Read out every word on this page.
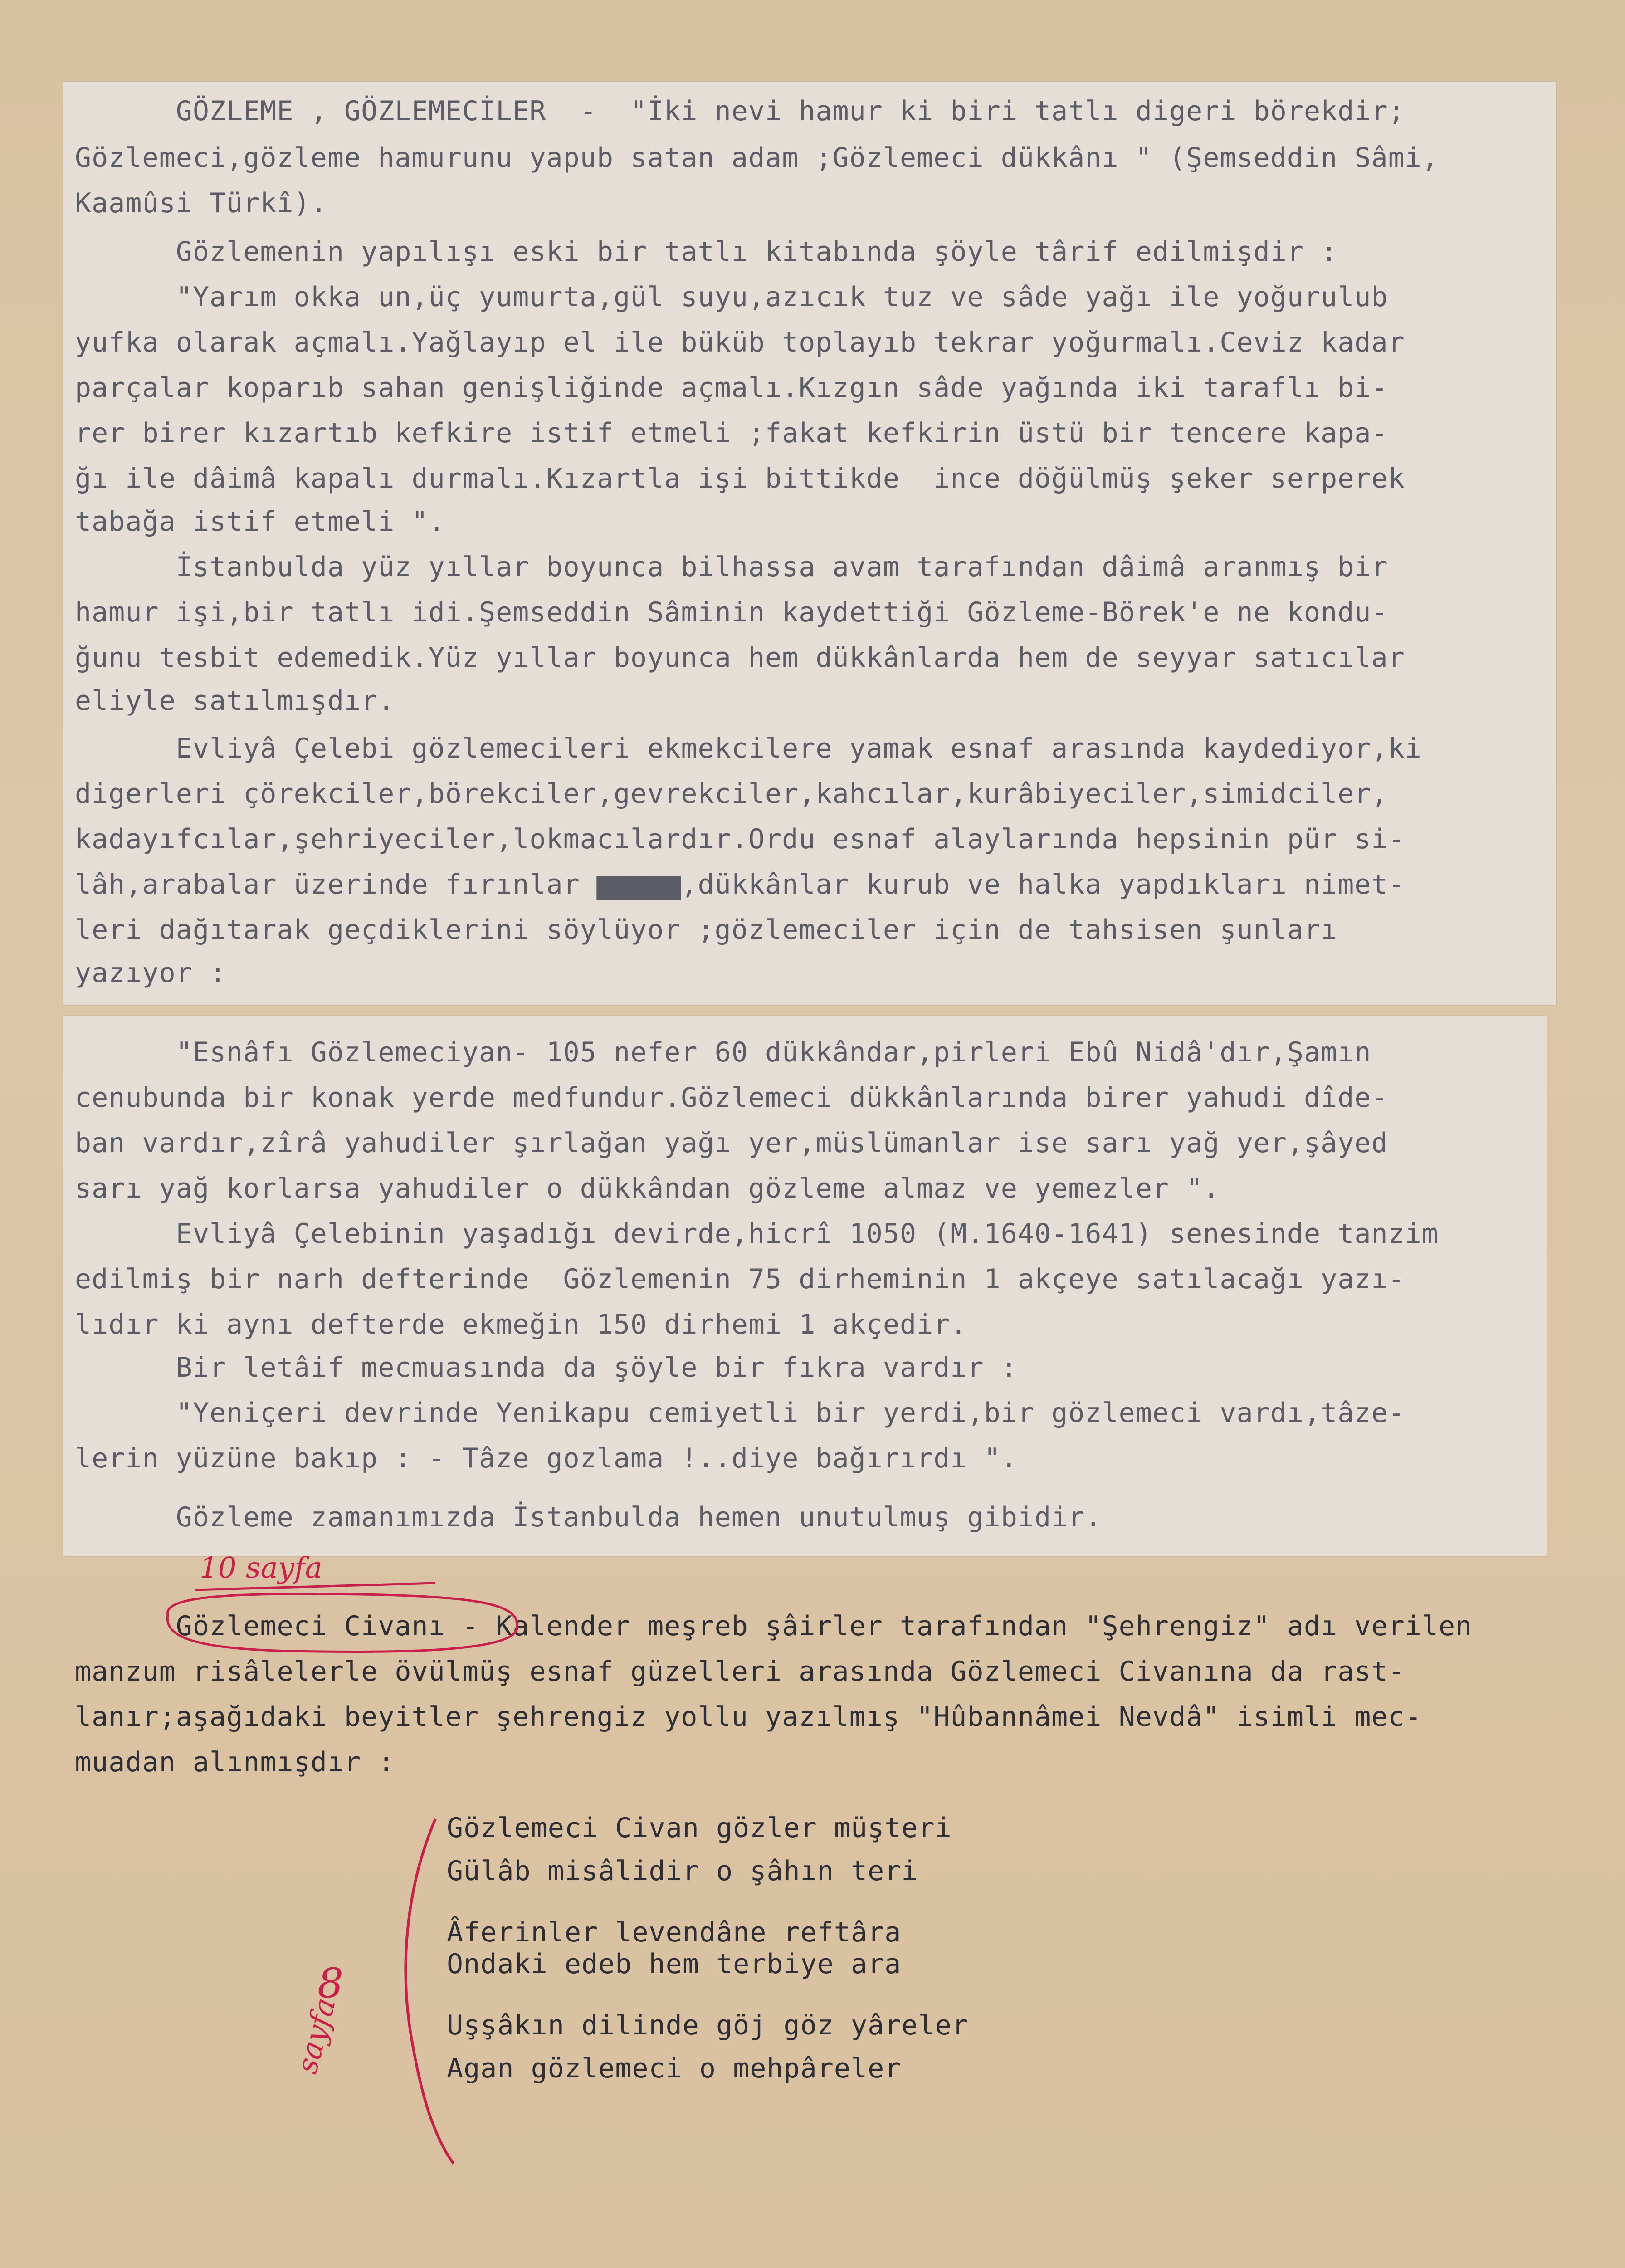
GÖZLEME , GÖZLEMECİLER  -  "İki nevi hamur ki biri tatlı digeri börekdir;
Gözlemeci,gözleme hamurunu yapub satan adam ;Gözlemeci dükkânı " (Şemseddin Sâmi,
Kaamûsi Türkî).
Gözlemenin yapılışı eski bir tatlı kitabında şöyle târif edilmişdir :
"Yarım okka un,üç yumurta,gül suyu,azıcık tuz ve sâde yağı ile yoğurulub
yufka olarak açmalı.Yağlayıp el ile büküb toplayıb tekrar yoğurmalı.Ceviz kadar
parçalar koparıb sahan genişliğinde açmalı.Kızgın sâde yağında iki taraflı bi-
rer birer kızartıb kefkire istif etmeli ;fakat kefkirin üstü bir tencere kapa-
ğı ile dâimâ kapalı durmalı.Kızartla işi bittikde  ince döğülmüş şeker serperek
tabağa istif etmeli ".
İstanbulda yüz yıllar boyunca bilhassa avam tarafından dâimâ aranmış bir
hamur işi,bir tatlı idi.Şemseddin Sâminin kaydettiği Gözleme-Börek'e ne kondu-
ğunu tesbit edemedik.Yüz yıllar boyunca hem dükkânlarda hem de seyyar satıcılar
eliyle satılmışdır.
Evliyâ Çelebi gözlemecileri ekmekcilere yamak esnaf arasında kaydediyor,ki
digerleri çörekciler,börekciler,gevrekciler,kahcılar,kurâbiyeciler,simidciler,
kadayıfcılar,şehriyeciler,lokmacılardır.Ordu esnaf alaylarında hepsinin pür si-
lâh,arabalar üzerinde fırınlar ▆▆▆▆▆,dükkânlar kurub ve halka yapdıkları nimet-
leri dağıtarak geçdiklerini söylüyor ;gözlemeciler için de tahsisen şunları
yazıyor :
"Esnâfı Gözlemeciyan- 105 nefer 60 dükkândar,pirleri Ebû Nidâ'dır,Şamın
cenubunda bir konak yerde medfundur.Gözlemeci dükkânlarında birer yahudi dîde-
ban vardır,zîrâ yahudiler şırlağan yağı yer,müslümanlar ise sarı yağ yer,şâyed
sarı yağ korlarsa yahudiler o dükkândan gözleme almaz ve yemezler ".
Evliyâ Çelebinin yaşadığı devirde,hicrî 1050 (M.1640-1641) senesinde tanzim
edilmiş bir narh defterinde  Gözlemenin 75 dirheminin 1 akçeye satılacağı yazı-
lıdır ki aynı defterde ekmeğin 150 dirhemi 1 akçedir.
Bir letâif mecmuasında da şöyle bir fıkra vardır :
"Yeniçeri devrinde Yenikapu cemiyetli bir yerdi,bir gözlemeci vardı,tâze-
lerin yüzüne bakıp : - Tâze gozlama !..diye bağırırdı ".
Gözleme zamanımızda İstanbulda hemen unutulmuş gibidir.
Gözlemeci Civanı - Kalender meşreb şâirler tarafından "Şehrengiz" adı verilen
manzum risâlelerle övülmüş esnaf güzelleri arasında Gözlemeci Civanına da rast-
lanır;aşağıdaki beyitler şehrengiz yollu yazılmış "Hûbannâmei Nevdâ" isimli mec-
muadan alınmışdır :
Gözlemeci Civan gözler müşteri
Gülâb misâlidir o şâhın teri
Âferinler levendâne reftâra
Ondaki edeb hem terbiye ara
Uşşâkın dilinde göj göz yâreler
Agan gözlemeci o mehpâreler
10 sayfa
8
sayfa
